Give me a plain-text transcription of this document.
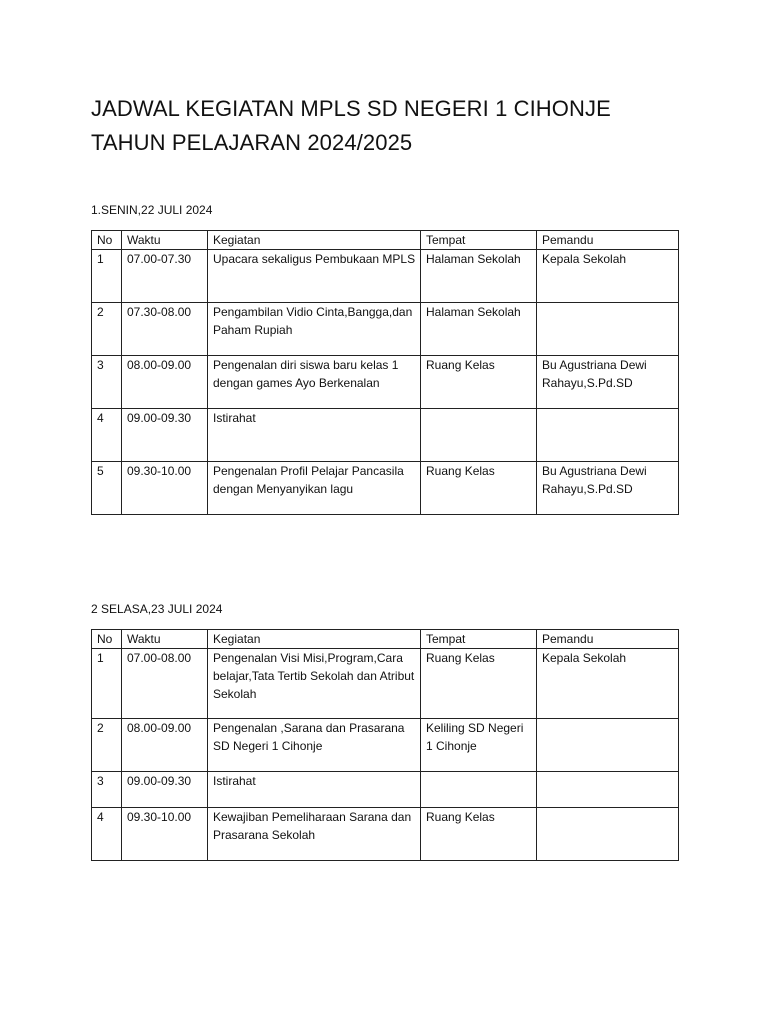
JADWAL KEGIATAN MPLS SD NEGERI 1 CIHONJE TAHUN PELAJARAN 2024/2025

1.SENIN,22 JULI 2024

No	Waktu	Kegiatan	Tempat	Pemandu
1	07.00-07.30	Upacara sekaligus Pembukaan MPLS	Halaman Sekolah	Kepala Sekolah
2	07.30-08.00	Pengambilan Vidio Cinta,Bangga,dan Paham Rupiah	Halaman Sekolah	
3	08.00-09.00	Pengenalan diri siswa baru kelas 1 dengan games Ayo Berkenalan	Ruang Kelas	Bu Agustriana Dewi Rahayu,S.Pd.SD
4	09.00-09.30	Istirahat		
5	09.30-10.00	Pengenalan Profil Pelajar Pancasila dengan Menyanyikan lagu	Ruang Kelas	Bu Agustriana Dewi Rahayu,S.Pd.SD

2 SELASA,23 JULI 2024

No	Waktu	Kegiatan	Tempat	Pemandu
1	07.00-08.00	Pengenalan Visi Misi,Program,Cara belajar,Tata Tertib Sekolah dan Atribut Sekolah	Ruang Kelas	Kepala Sekolah
2	08.00-09.00	Pengenalan ,Sarana dan Prasarana SD Negeri 1 Cihonje	Keliling SD Negeri 1 Cihonje	
3	09.00-09.30	Istirahat		
4	09.30-10.00	Kewajiban Pemeliharaan Sarana dan Prasarana Sekolah	Ruang Kelas	
